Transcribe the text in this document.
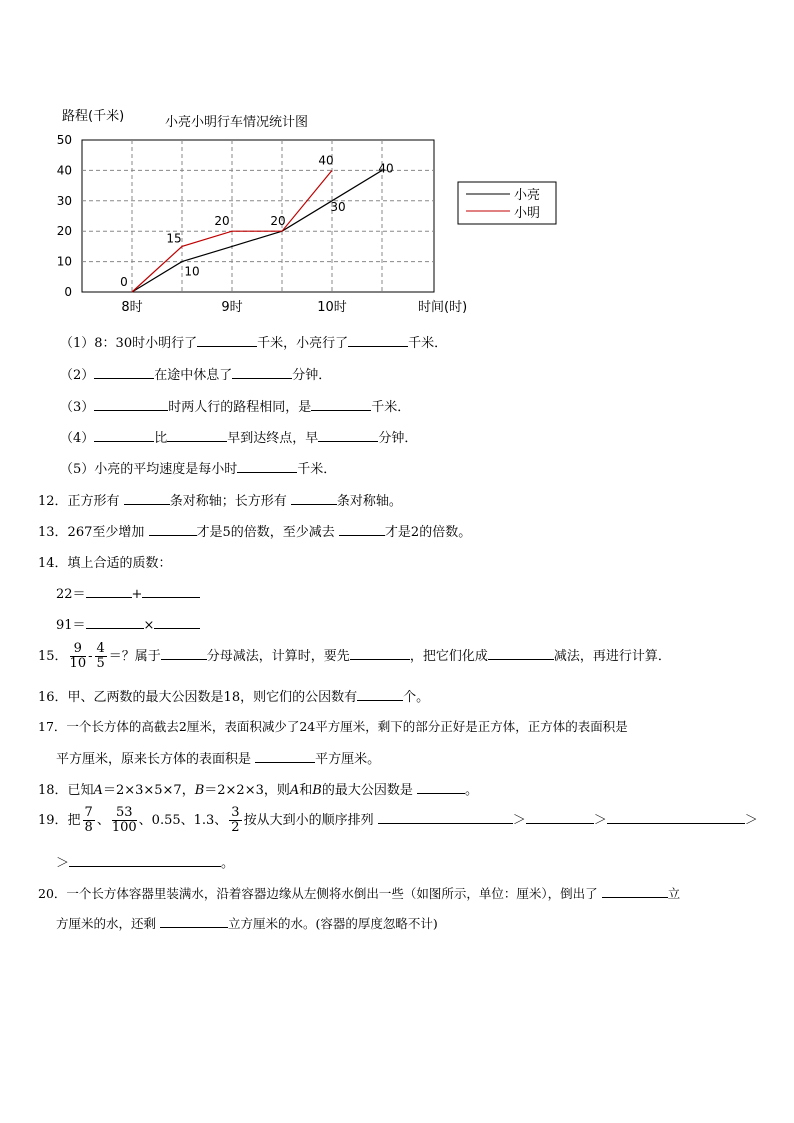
路程(千米)	小亮小明行车情况统计图
0
10
20
30
40
50
8时	9时	10时	时间(时)
0
15
20	20
40
10
30
40
小亮
小明
（1）8：30时小明行了	千米，小亮行了	千米．
（2）	在途中休息了	分钟．
（3）	时两人行的路程相同，是	千米．
（4）	比	早到达终点，早	分钟．
（5）小亮的平均速度是每小时	千米．
12．正方形有	条对称轴；长方形有	条对称轴。
13．267至少增加	才是5的倍数，至少减去	才是2的倍数。
14．填上合适的质数：
22＝	+
91＝	×
15． $\frac{9}{10} - \frac{4}{5}$ ＝？属于	分母减法，计算时，要先	，把它们化成	减法，再进行计算．
16．甲、乙两数的最大公因数是18，则它们的公因数有	个。
17．一个长方体的高截去2厘米，表面积减少了24平方厘米，剩下的部分正好是正方体，正方体的表面积是
平方厘米，原来长方体的表面积是	平方厘米。
18．已知A＝2×3×5×7，B＝2×2×3，则A和B的最大公因数是	。
19．把 $\frac{7}{8}$ 、 $\frac{53}{100}$ 、0.55、1.3、 $\frac{3}{2}$ 按从大到小的顺序排列	＞	＞	＞
＞	。
20．一个长方体容器里装满水，沿着容器边缘从左侧将水倒出一些（如图所示，单位：厘米），倒出了	立
方厘米的水，还剩	立方厘米的水。(容器的厚度忽略不计)
